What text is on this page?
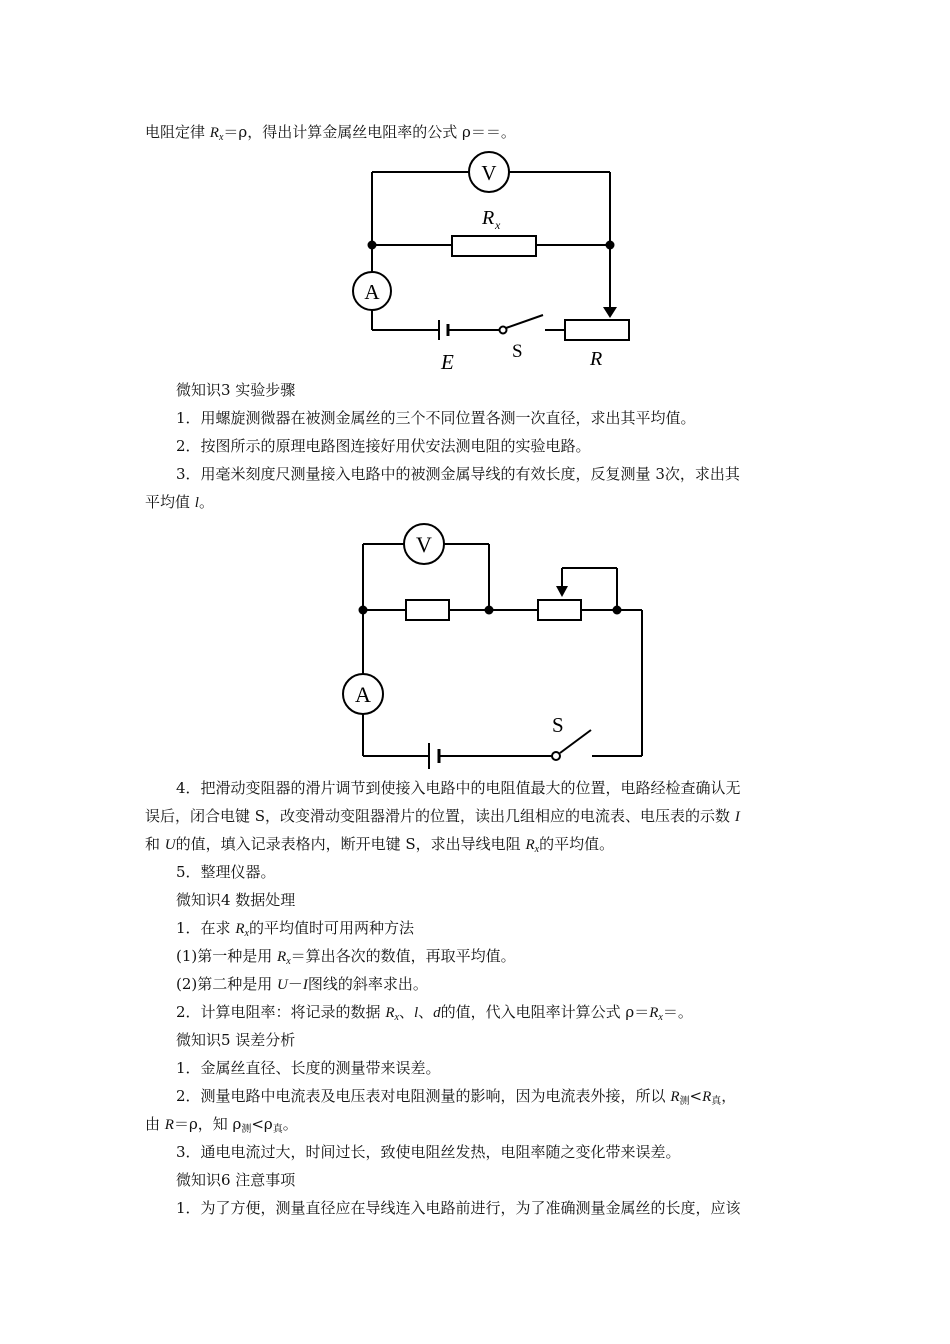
电阻定律 $R_x=\rho$，得出计算金属丝电阻率的公式 ρ＝＝。
V
A
R x
E	S	R
V
A
S
微知识3 实验步骤
1．用螺旋测微器在被测金属丝的三个不同位置各测一次直径，求出其平均值。
2．按图所示的原理电路图连接好用伏安法测电阻的实验电路。
3．用毫米刻度尺测量接入电路中的被测金属导线的有效长度，反复测量 3次，求出其
平均值 l。
4．把滑动变阻器的滑片调节到使接入电路中的电阻值最大的位置，电路经检查确认无
误后，闭合电键 S，改变滑动变阻器滑片的位置，读出几组相应的电流表、电压表的示数 I
和 U的值，填入记录表格内，断开电键 S，求出导线电阻 $R_x$的平均值。
5．整理仪器。
微知识4 数据处理
1．在求 $R_x$的平均值时可用两种方法
(1)第一种是用 $R_x=$算出各次的数值，再取平均值。
(2)第二种是用 U－I图线的斜率求出。
2．计算电阻率：将记录的数据 $R_x$、l、d的值，代入电阻率计算公式 $\rho=R_x=$。
微知识5 误差分析
1．金属丝直径、长度的测量带来误差。
2．测量电路中电流表及电压表对电阻测量的影响，因为电流表外接，所以 $R_测<R_真$，
由 R＝ρ，知 $\rho_测<\rho_真$。
3．通电电流过大，时间过长，致使电阻丝发热，电阻率随之变化带来误差。
微知识6 注意事项
1．为了方便，测量直径应在导线连入电路前进行，为了准确测量金属丝的长度，应该
